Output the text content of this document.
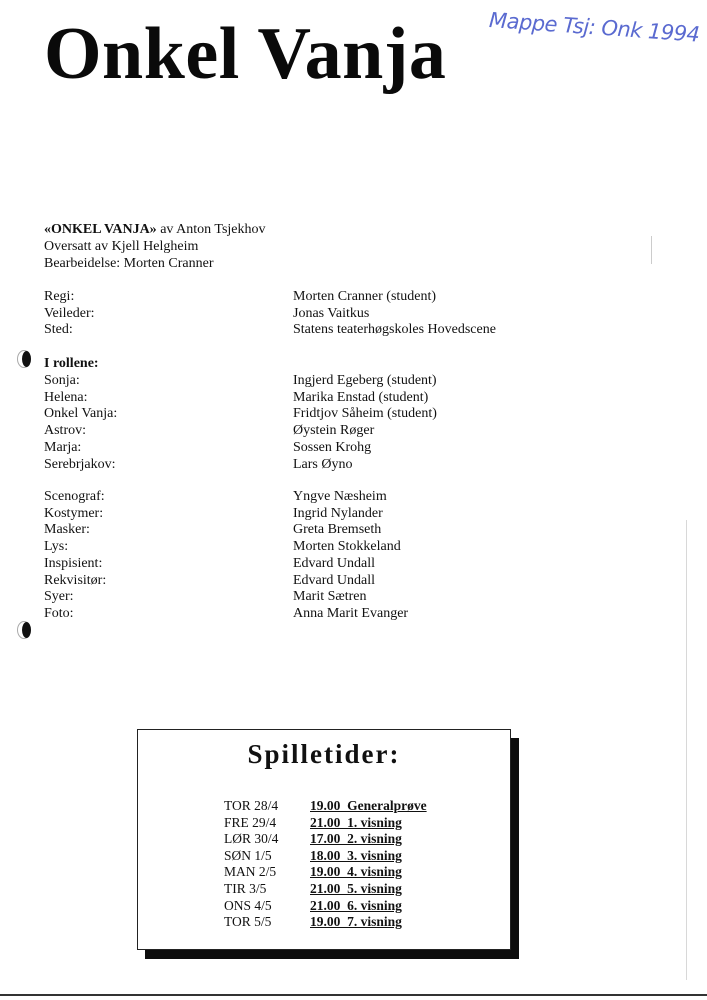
Onkel Vanja Mappe Tsj: Onk 1994
«ONKEL VANJA» av Anton Tsjekhov
Oversatt av Kjell Helgheim
Bearbeidelse: Morten Cranner
Regi:	Morten Cranner (student)
Veileder:	Jonas Vaitkus
Sted:	Statens teaterhøgskoles Hovedscene
I rollene:
Sonja:	Ingjerd Egeberg (student)
Helena:	Marika Enstad (student)
Onkel Vanja:	Fridtjov Såheim (student)
Astrov:	Øystein Røger
Marja:	Sossen Krohg
Serebrjakov:	Lars Øyno
Scenograf:	Yngve Næsheim
Kostymer:	Ingrid Nylander
Masker:	Greta Bremseth
Lys:	Morten Stokkeland
Inspisient:	Edvard Undall
Rekvisitør:	Edvard Undall
Syer:	Marit Sætren
Foto:	Anna Marit Evanger
Spilletider:
TOR 28/4 19.00  Generalprøve
FRE 29/4	21.00  1. visning
LØR 30/4 17.00  2. visning
SØN 1/5	18.00  3. visning
MAN 2/5	19.00  4. visning
TIR 3/5	21.00  5. visning
ONS 4/5	21.00  6. visning
TOR 5/5	19.00  7. visning
